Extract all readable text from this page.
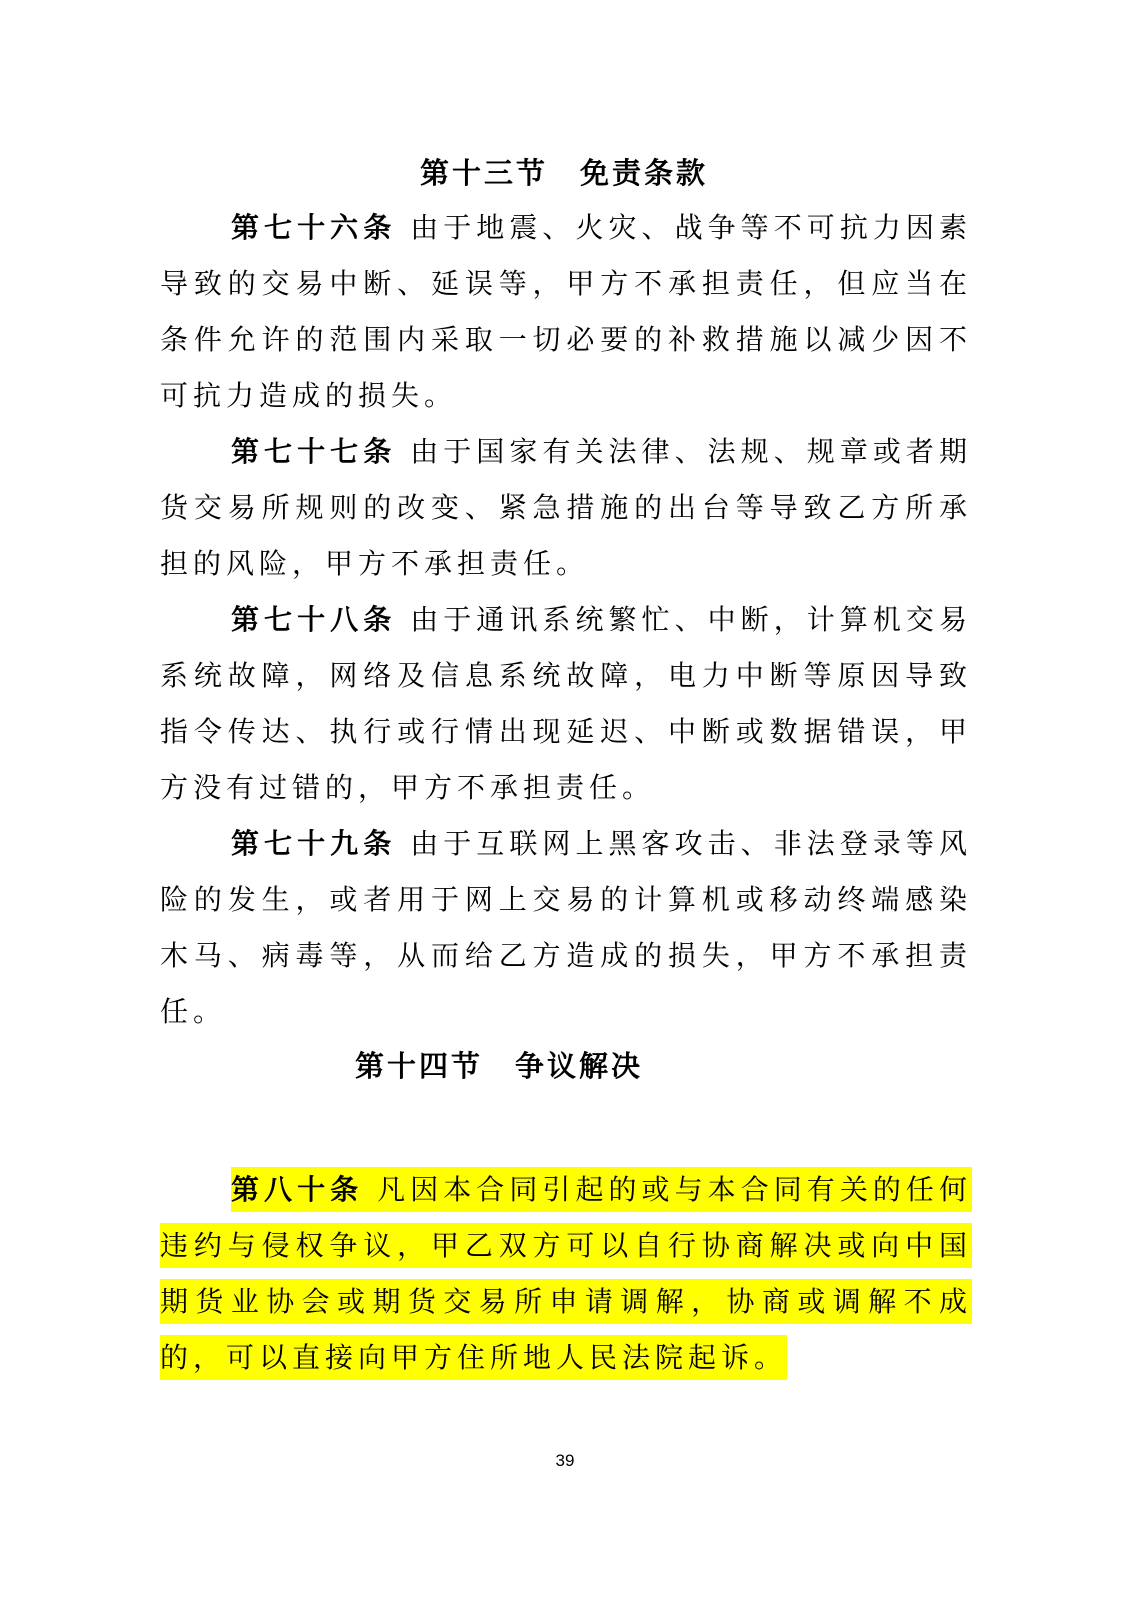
第十三节　免责条款

第七十六条 由于地震、火灾、战争等不可抗力因素导致的交易中断、延误等，甲方不承担责任，但应当在条件允许的范围内采取一切必要的补救措施以减少因不可抗力造成的损失。

第七十七条 由于国家有关法律、法规、规章或者期货交易所规则的改变、紧急措施的出台等导致乙方所承担的风险，甲方不承担责任。

第七十八条 由于通讯系统繁忙、中断，计算机交易系统故障，网络及信息系统故障，电力中断等原因导致指令传达、执行或行情出现延迟、中断或数据错误，甲方没有过错的，甲方不承担责任。

第七十九条 由于互联网上黑客攻击、非法登录等风险的发生，或者用于网上交易的计算机或移动终端感染木马、病毒等，从而给乙方造成的损失，甲方不承担责任。

第十四节　争议解决

第八十条 凡因本合同引起的或与本合同有关的任何违约与侵权争议，甲乙双方可以自行协商解决或向中国期货业协会或期货交易所申请调解，协商或调解不成的，可以直接向甲方住所地人民法院起诉。

39
